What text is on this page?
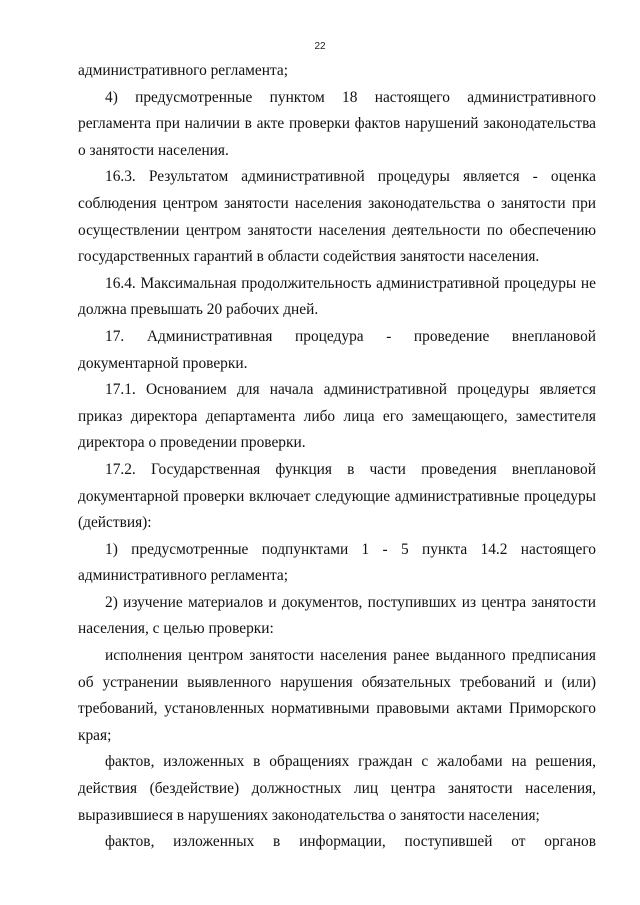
22

административного регламента;

4) предусмотренные пунктом 18 настоящего административного регламента при наличии в акте проверки фактов нарушений законодательства о занятости населения.

16.3. Результатом административной процедуры является - оценка соблюдения центром занятости населения законодательства о занятости при осуществлении центром занятости населения деятельности по обеспечению государственных гарантий в области содействия занятости населения.

16.4. Максимальная продолжительность административной процедуры не должна превышать 20 рабочих дней.

17. Административная процедура - проведение внеплановой документарной проверки.

17.1. Основанием для начала административной процедуры является приказ директора департамента либо лица его замещающего, заместителя директора о проведении проверки.

17.2. Государственная функция в части проведения внеплановой документарной проверки включает следующие административные процедуры (действия):

1) предусмотренные подпунктами 1 - 5 пункта 14.2 настоящего административного регламента;

2) изучение материалов и документов, поступивших из центра занятости населения, с целью проверки:

исполнения центром занятости населения ранее выданного предписания об устранении выявленного нарушения обязательных требований и (или) требований, установленных нормативными правовыми актами Приморского края;

фактов, изложенных в обращениях граждан с жалобами на решения, действия (бездействие) должностных лиц центра занятости населения, выразившиеся в нарушениях законодательства о занятости населения;

фактов, изложенных в информации, поступившей от органов
